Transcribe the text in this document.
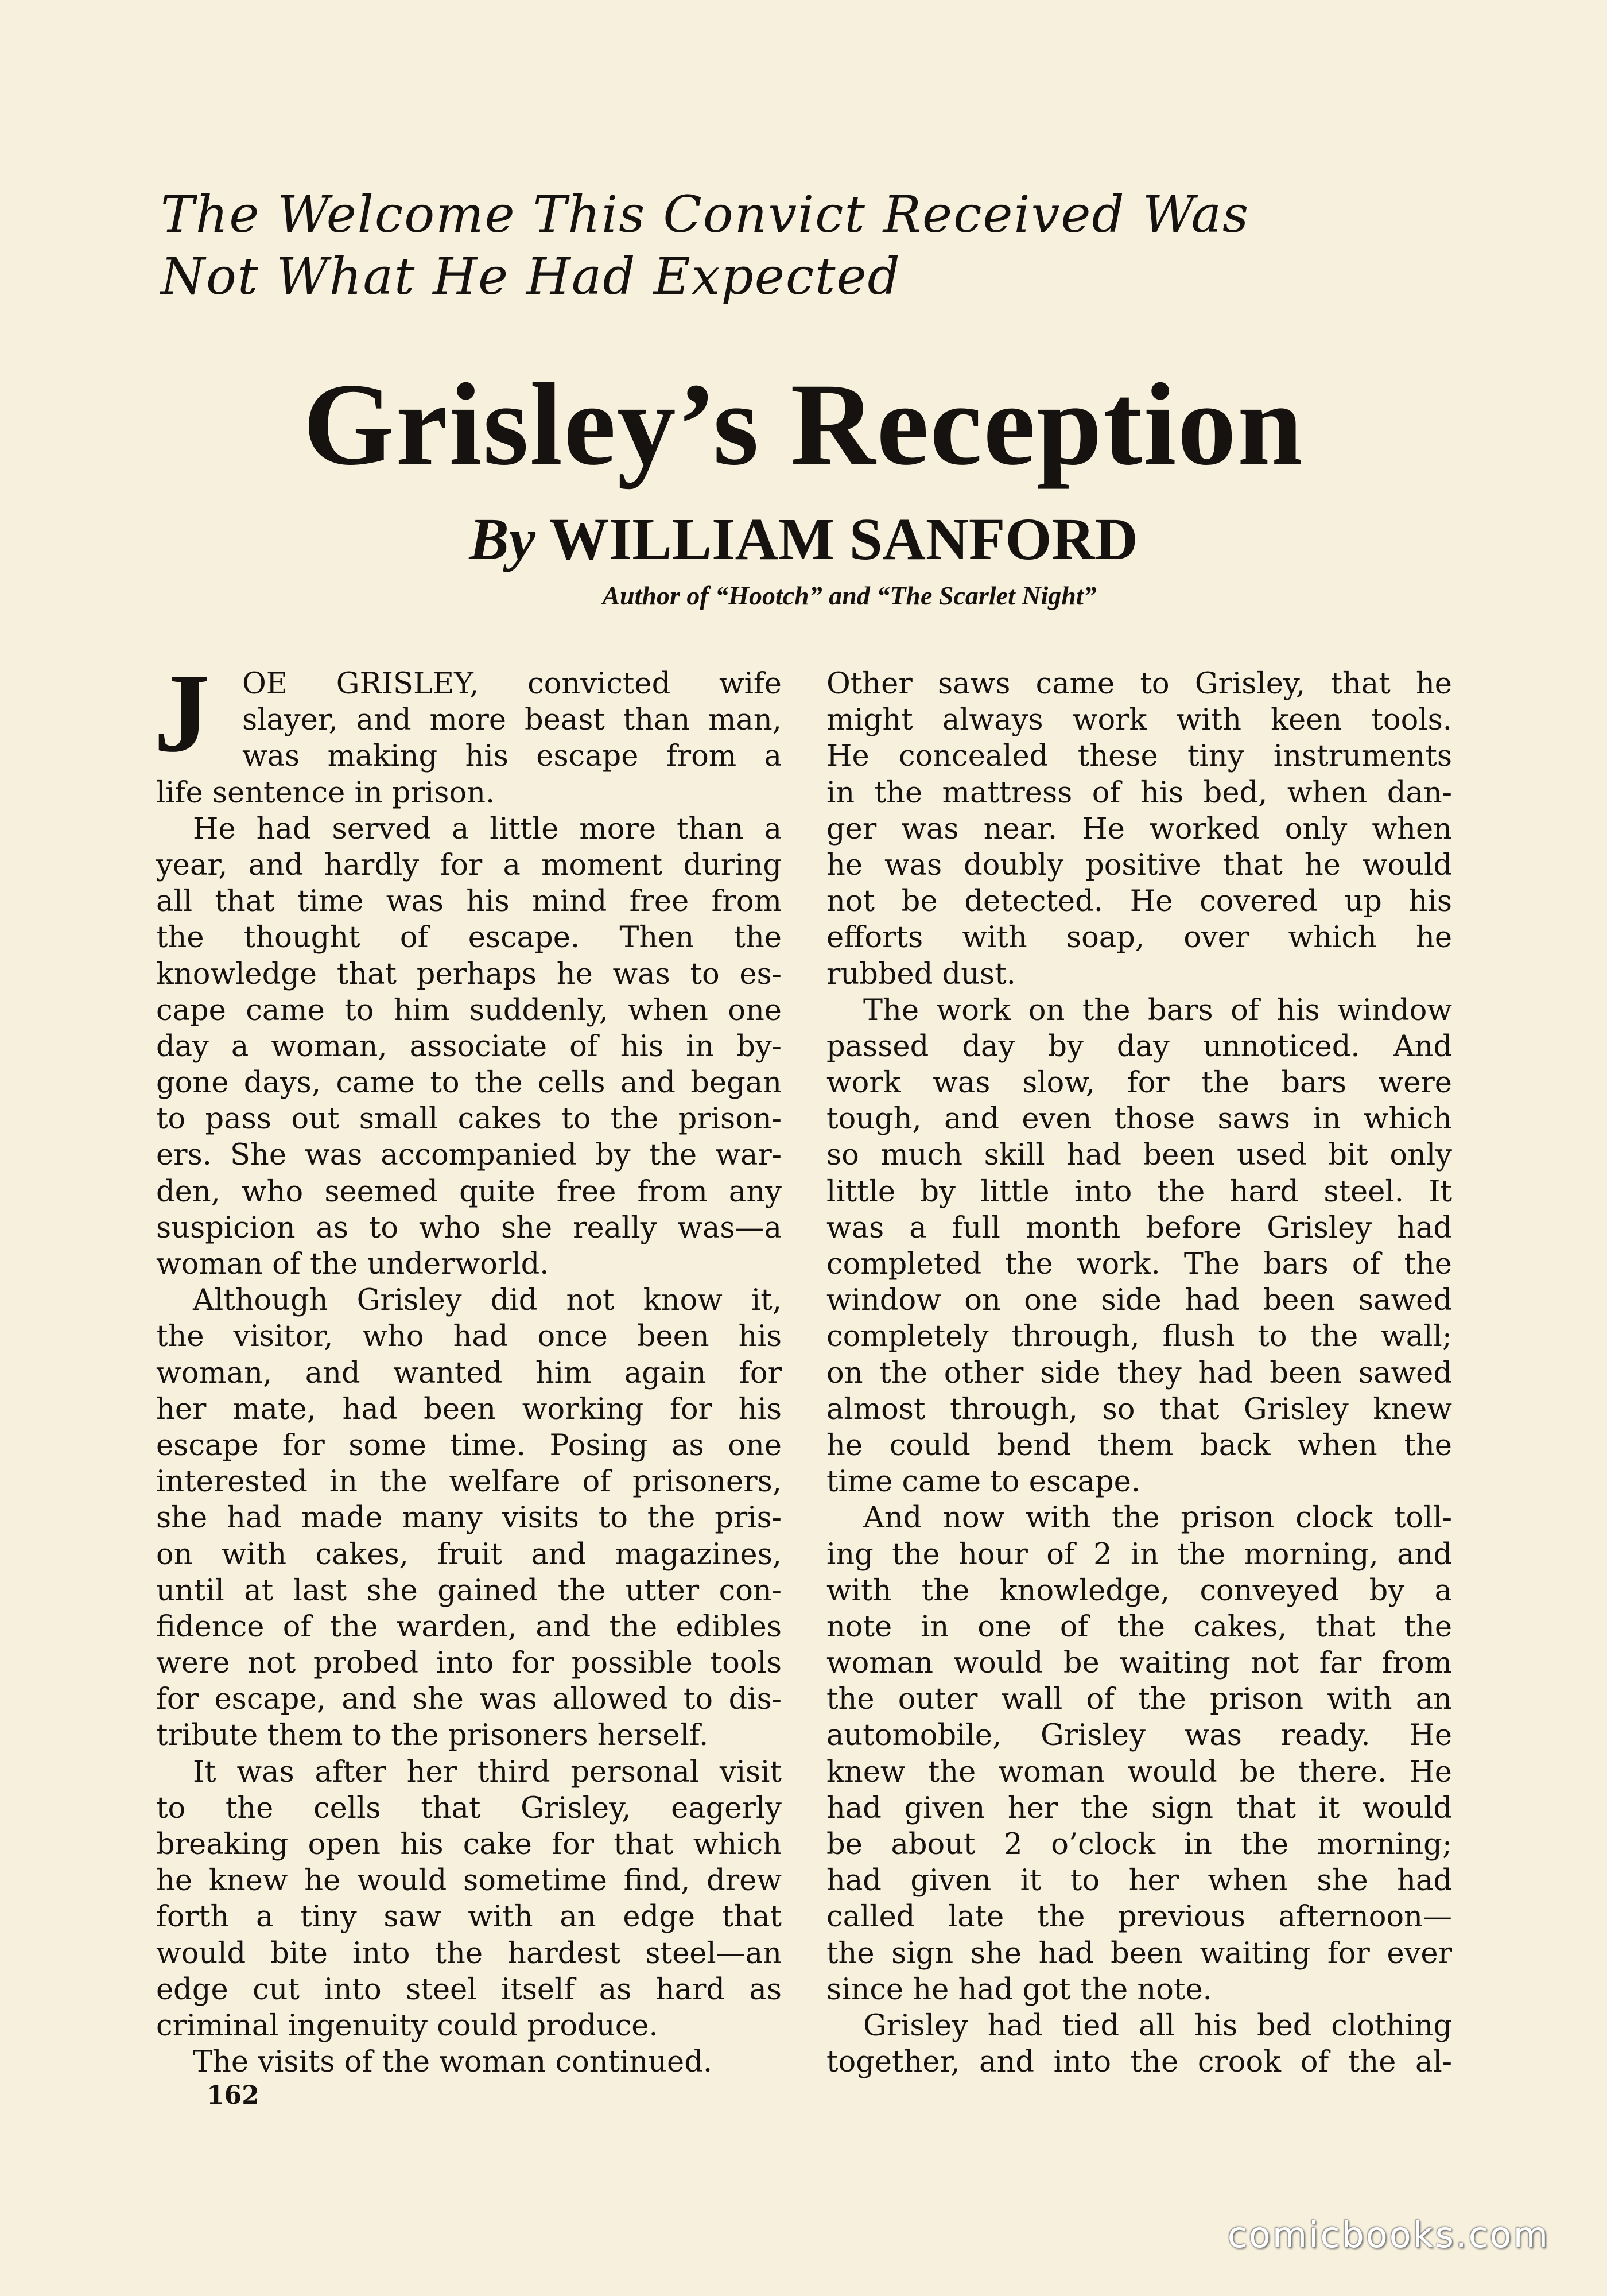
The Welcome This Convict Received Was
Not What He Had Expected
Grisley’s Reception
By WILLIAM SANFORD
Author of “Hootch” and “The Scarlet Night”
J	OE GRISLEY, convicted wife
slayer, and more beast than man,
was making his escape from a
life sentence in prison.
He had served a little more than a
year, and hardly for a moment during
all that time was his mind free from
the thought of escape. Then the
knowledge that perhaps he was to es-
cape came to him suddenly, when one
day a woman, associate of his in by-
gone days, came to the cells and began
to pass out small cakes to the prison-
ers. She was accompanied by the war-
den, who seemed quite free from any
suspicion as to who she really was—a
woman of the underworld.
Although Grisley did not know it,
the visitor, who had once been his
woman, and wanted him again for
her mate, had been working for his
escape for some time. Posing as one
interested in the welfare of prisoners,
she had made many visits to the pris-
on with cakes, fruit and magazines,
until at last she gained the utter con-
fidence of the warden, and the edibles
were not probed into for possible tools
for escape, and she was allowed to dis-
tribute them to the prisoners herself.
It was after her third personal visit
to the cells that Grisley, eagerly
breaking open his cake for that which
he knew he would sometime find, drew
forth a tiny saw with an edge that
would bite into the hardest steel—an
edge cut into steel itself as hard as
criminal ingenuity could produce.
The visits of the woman continued.
Other saws came to Grisley, that he
might always work with keen tools.
He concealed these tiny instruments
in the mattress of his bed, when dan-
ger was near. He worked only when
he was doubly positive that he would
not be detected. He covered up his
efforts with soap, over which he
rubbed dust.
The work on the bars of his window
passed day by day unnoticed. And
work was slow, for the bars were
tough, and even those saws in which
so much skill had been used bit only
little by little into the hard steel. It
was a full month before Grisley had
completed the work. The bars of the
window on one side had been sawed
completely through, flush to the wall;
on the other side they had been sawed
almost through, so that Grisley knew
he could bend them back when the
time came to escape.
And now with the prison clock toll-
ing the hour of 2 in the morning, and
with the knowledge, conveyed by a
note in one of the cakes, that the
woman would be waiting not far from
the outer wall of the prison with an
automobile, Grisley was ready. He
knew the woman would be there. He
had given her the sign that it would
be about 2 o’clock in the morning;
had given it to her when she had
called late the previous afternoon—
the sign she had been waiting for ever
since he had got the note.
Grisley had tied all his bed clothing
together, and into the crook of the al-
162
comicbooks.com
